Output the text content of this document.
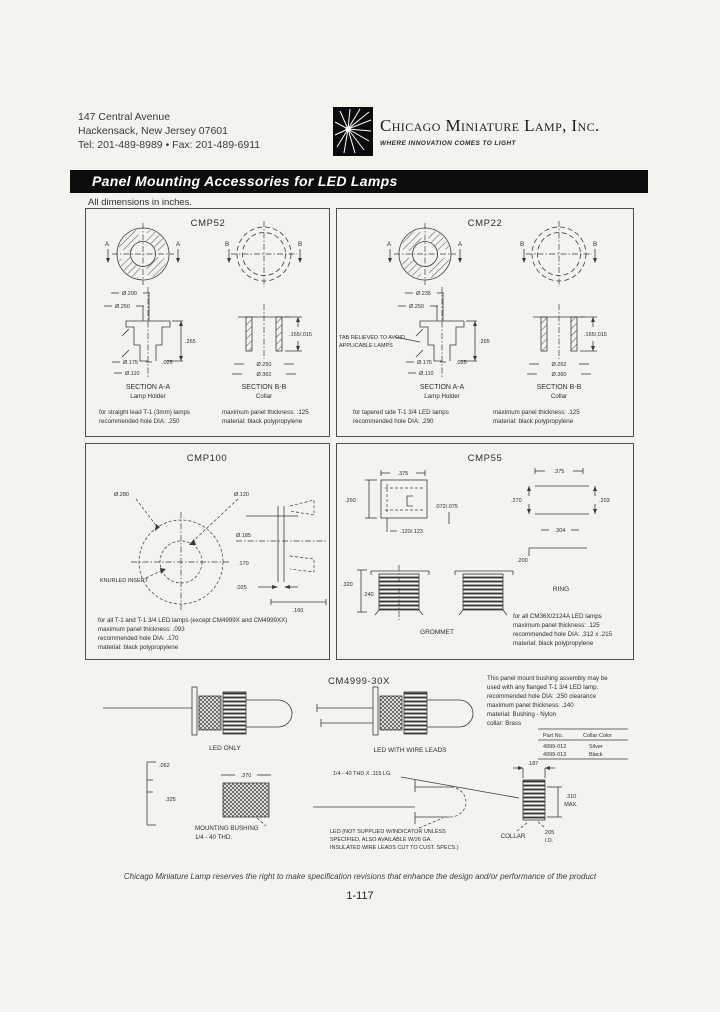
147 Central Avenue
Hackensack, New Jersey 07601
Tel: 201-489-8989 • Fax: 201-489-6911
Chicago Miniature Lamp, Inc.
WHERE INNOVATION COMES TO LIGHT
Panel Mounting Accessories for LED Lamps
All dimensions in inches.
CMP52
A	A	B	B
Ø.200
Ø.250
.265
Ø.175	.025
Ø.110
SECTION A-A
Lamp Holder
.165/.015
Ø.250
Ø.362
SECTION B-B
Collar
for straight lead T-1 (3mm) lamps
recommended hole DIA: .250
maximum panel thickness: .125
material: black polypropylene
CMP22
A	A	B	B
Ø.235
Ø.250
TAB RELIEVED TO AVOID
APPLICABLE LAMPS
.265
Ø.175	.025
Ø.110
SECTION A-A
Lamp Holder
.165/.015
Ø.262
Ø.360
SECTION B-B
Collar
for tapered side T-1 3/4 LED lamps
recommended hole DIA: .290
maximum panel thickness: .125
material: black polypropylene
CMP100
Ø.280	Ø.120
KNURLED INSERT
Ø.185
.170
.025
.160
for all T-1 and T-1 3/4 LED lamps (except CM4999X and CM4999XX)
maximum panel thickness: .093
recommended hole DIA: .170
material: black polypropylene
CMP55
.375
.260
.072/.075
.120/.123
.375
.270	.203
.304
.200
RING
.320
.240
GROMMET
for all CM36X/2124A LED lamps
maximum panel thickness: .125
recommended hole DIA: .312 x .215
material: black polypropylene
CM4999-30X
LED ONLY	LED WITH WIRE LEADS
.062
.325
.370
MOUNTING BUSHING
1/4 - 40 THD.
LED (NOT SUPPLIED W/INDICATOR UNLESS
SPECIFIED, ALSO AVAILABLE W/26 GA.
INSULATED WIRE LEADS CUT TO CUST. SPECS.)
1/4 - 40 THD X .115 LG.
.187
.310
MAX.
COLLAR	.205
I.D.
This panel mount bushing assembly may be
used with any flanged T-1 3/4 LED lamp.
recommended hole DIA: .250 clearance
maximum panel thickness: .140
material: Bushing - Nylon
collar: Brass
Part No.	Collar Color
4999-012	Silver
4999-013	Black
Chicago Miniature Lamp reserves the right to make specification revisions that enhance the design and/or performance of the product
1-117
